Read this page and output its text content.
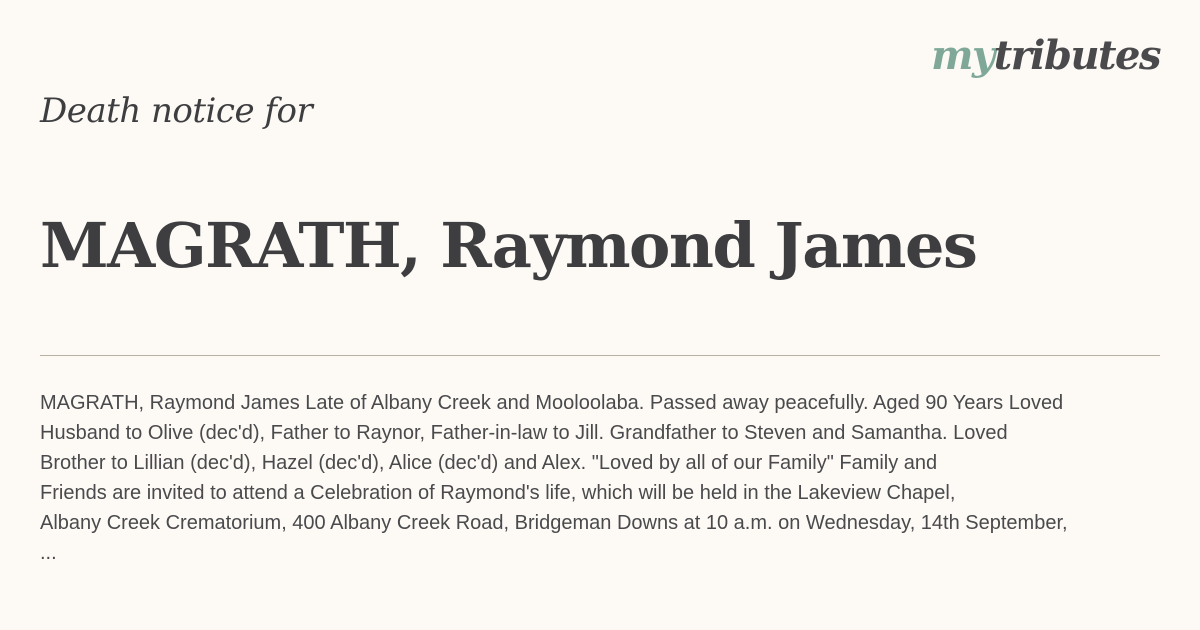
mytributes
Death notice for
MAGRATH, Raymond James
MAGRATH, Raymond James Late of Albany Creek and Mooloolaba. Passed away peacefully. Aged 90 Years Loved
Husband to Olive (dec'd), Father to Raynor, Father-in-law to Jill. Grandfather to Steven and Samantha. Loved
Brother to Lillian (dec'd), Hazel (dec'd), Alice (dec'd) and Alex. "Loved by all of our Family" Family and
Friends are invited to attend a Celebration of Raymond's life, which will be held in the Lakeview Chapel,
Albany Creek Crematorium, 400 Albany Creek Road, Bridgeman Downs at 10 a.m. on Wednesday, 14th September,
...
